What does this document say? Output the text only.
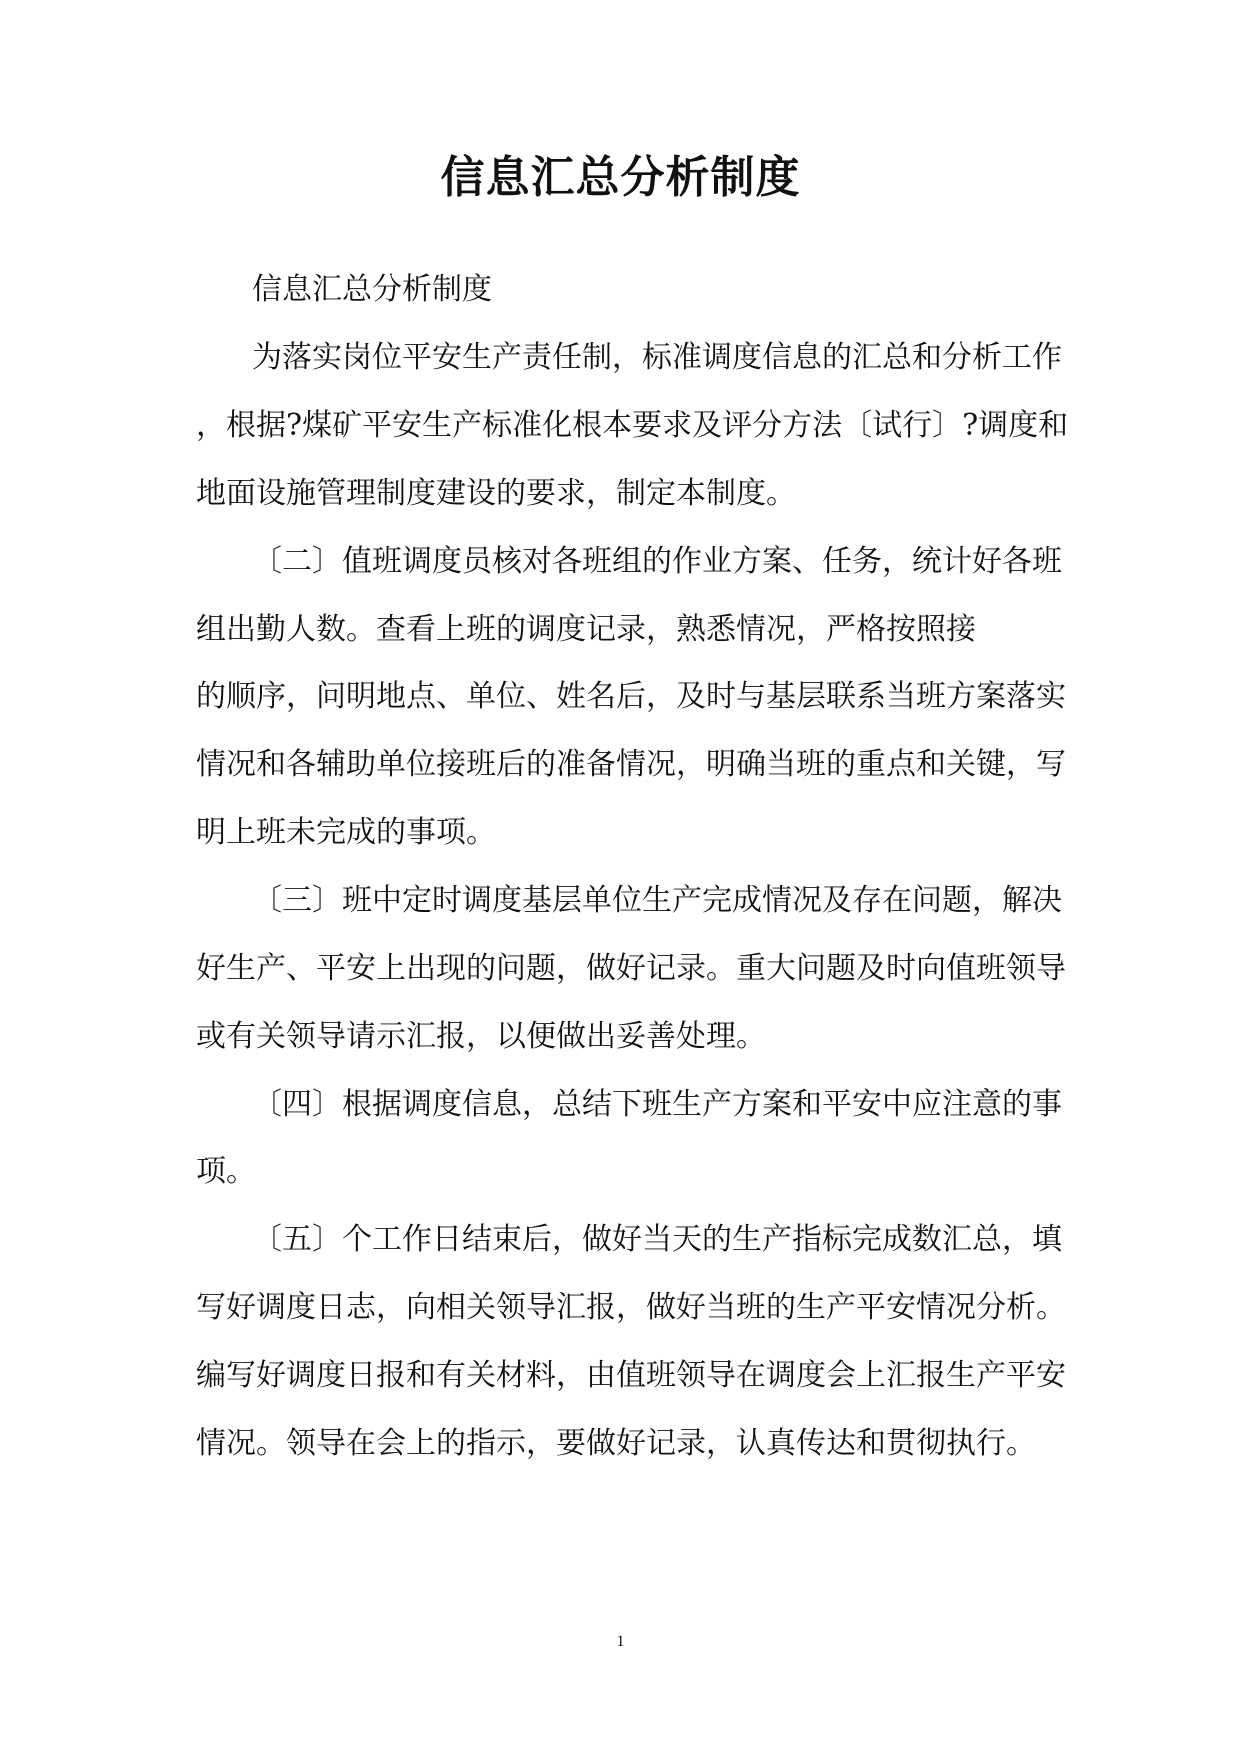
信息汇总分析制度
信息汇总分析制度
为落实岗位平安生产责任制，标准调度信息的汇总和分析工作
，根据?煤矿平安生产标准化根本要求及评分方法〔试行〕?调度和
地面设施管理制度建设的要求，制定本制度。
〔二〕值班调度员核对各班组的作业方案、任务，统计好各班
组出勤人数。查看上班的调度记录，熟悉情况，严格按照接
的顺序，问明地点、单位、姓名后，及时与基层联系当班方案落实
情况和各辅助单位接班后的准备情况，明确当班的重点和关键，写
明上班未完成的事项。
〔三〕班中定时调度基层单位生产完成情况及存在问题，解决
好生产、平安上出现的问题，做好记录。重大问题及时向值班领导
或有关领导请示汇报，以便做出妥善处理。
〔四〕根据调度信息，总结下班生产方案和平安中应注意的事
项。
〔五〕个工作日结束后，做好当天的生产指标完成数汇总，填
写好调度日志，向相关领导汇报，做好当班的生产平安情况分析。
编写好调度日报和有关材料，由值班领导在调度会上汇报生产平安
情况。领导在会上的指示，要做好记录，认真传达和贯彻执行。
1
